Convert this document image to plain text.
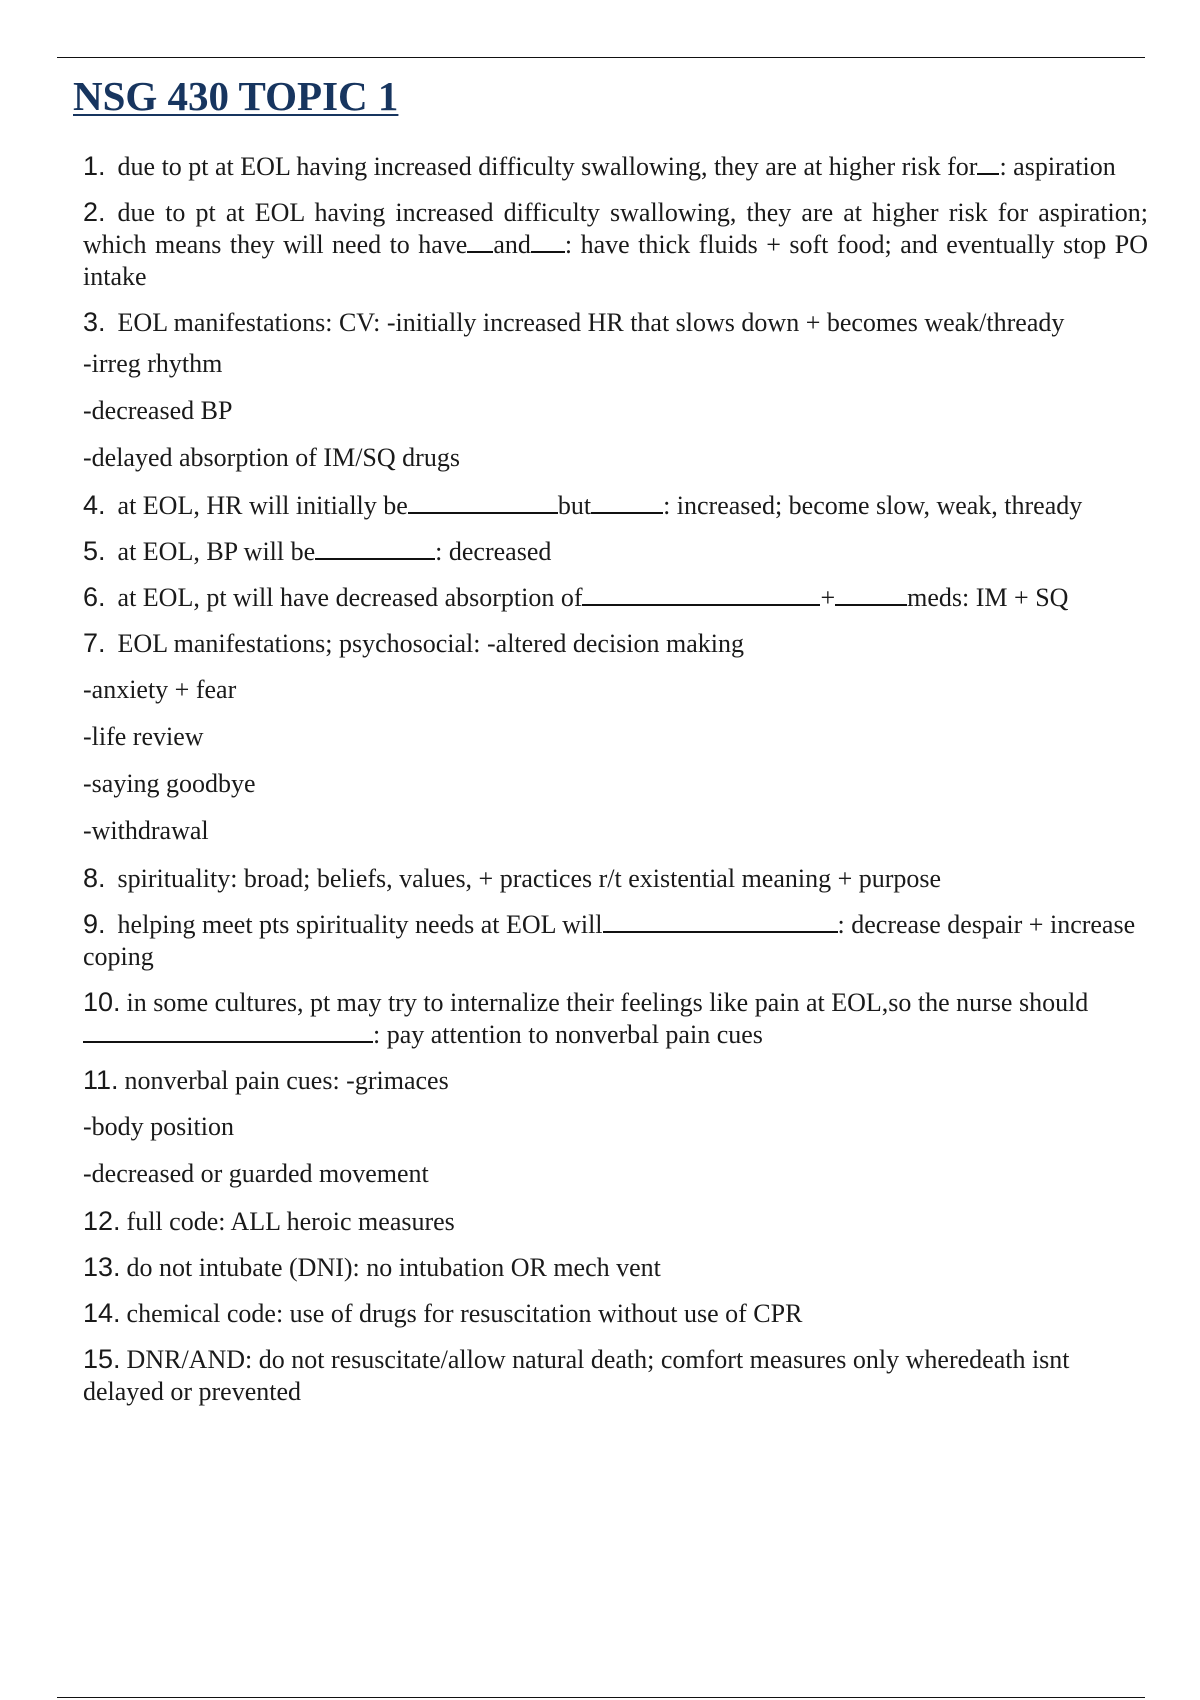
NSG 430 TOPIC 1
1. due to pt at EOL having increased difficulty swallowing, they are at higher risk for : aspiration
2. due to pt at EOL having increased difficulty swallowing, they are at higher risk for aspiration; which means they will need to have and : have thick fluids + soft food; and eventually stop PO intake
3. EOL manifestations: CV: -initially increased HR that slows down + becomes weak/thready
-irreg rhythm
-decreased BP
-delayed absorption of IM/SQ drugs
4. at EOL, HR will initially be	but	: increased; become slow, weak, thready
5. at EOL, BP will be	: decreased
6. at EOL, pt will have decreased absorption of	+	meds: IM + SQ
7. EOL manifestations; psychosocial: -altered decision making
-anxiety + fear
-life review
-saying goodbye
-withdrawal
8. spirituality: broad; beliefs, values, + practices r/t existential meaning + purpose
9. helping meet pts spirituality needs at EOL will	: decrease despair + increase coping
10. in some cultures, pt may try to internalize their feelings like pain at EOL,so the nurse should: pay attention to nonverbal pain cues
11. nonverbal pain cues: -grimaces
-body position
-decreased or guarded movement
12. full code: ALL heroic measures
13. do not intubate (DNI): no intubation OR mech vent
14. chemical code: use of drugs for resuscitation without use of CPR
15. DNR/AND: do not resuscitate/allow natural death; comfort measures only wheredeath isnt delayed or prevented
